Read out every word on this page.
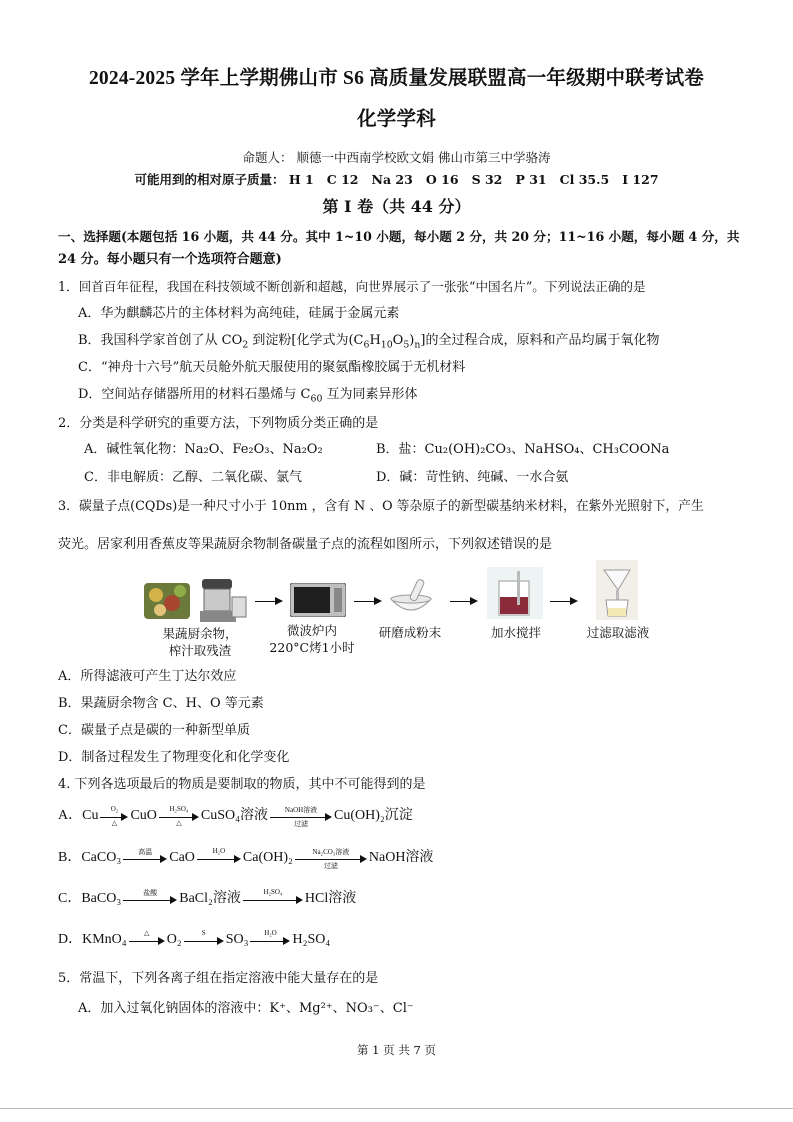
2024-2025 学年上学期佛山市 S6 高质量发展联盟高一年级期中联考试卷
化学学科
命题人： 顺德一中西南学校欧文娟 佛山市第三中学骆涛
可能用到的相对原子质量： H 1 C 12 Na 23 O 16 S 32 P 31 Cl 35.5 I 127
第 I 卷（共 44 分）
一、选择题(本题包括 16 小题，共 44 分。其中 1~10 小题，每小题 2 分，共 20 分；11~16 小题，每小题 4 分，共
24 分。每小题只有一个选项符合题意)
1．回首百年征程，我国在科技领域不断创新和超越，向世界展示了一张张“中国名片”。下列说法正确的是
A．华为麒麟芯片的主体材料为高纯硅，硅属于金属元素
B．我国科学家首创了从 $CO_2$ 到淀粉[化学式为$(C_6H_{10}O_5)_n$]的全过程合成，原料和产品均属于氧化物
C．“神舟十六号”航天员舱外航天服使用的聚氨酯橡胶属于无机材料
D．空间站存储器所用的材料石墨烯与 $C_{60}$ 互为同素异形体
2．分类是科学研究的重要方法，下列物质分类正确的是
A．碱性氧化物：Na₂O、Fe₂O₃、Na₂O₂	B．盐：Cu₂(OH)₂CO₃、NaHSO₄、CH₃COONa
C．非电解质：乙醇、二氧化碳、氯气	D．碱：苛性钠、纯碱、一水合氨
3．碳量子点(CQDs)是一种尺寸小于 10nm ，含有 N 、O 等杂原子的新型碳基纳米材料，在紫外光照射下，产生
荧光。居家利用香蕉皮等果蔬厨余物制备碳量子点的流程如图所示，下列叙述错误的是
果蔬厨余物，
榨汁取残渣
微波炉内
220°C烤1小时
研磨成粉末	加水搅拌	过滤取滤液
A．所得滤液可产生丁达尔效应
B．果蔬厨余物含 C、H、O 等元素
C．碳量子点是碳的一种新型单质
D．制备过程发生了物理变化和化学变化
4. 下列各选项最后的物质是要制取的物质，其中不可能得到的是
A．Cu	O₂
△ CuO	H₂SO₄
△	CuSO₄溶液	NaOH溶液
过滤
Cu(OH)₂沉淀
B．CaCO₃	高温	CaO	H₂O	Ca(OH)₂	Na₂CO₃溶液
过滤
NaOH溶液
C．BaCO₃	盐酸	BaCl₂溶液	H₂SO₄	HCl溶液
D．KMnO₄	△	O₂	S	SO₃	H₂O	H₂SO₄
5．常温下，下列各离子组在指定溶液中能大量存在的是
A．加入过氧化钠固体的溶液中：K⁺、Mg²⁺、NO₃⁻、Cl⁻
第 1 页 共 7 页
